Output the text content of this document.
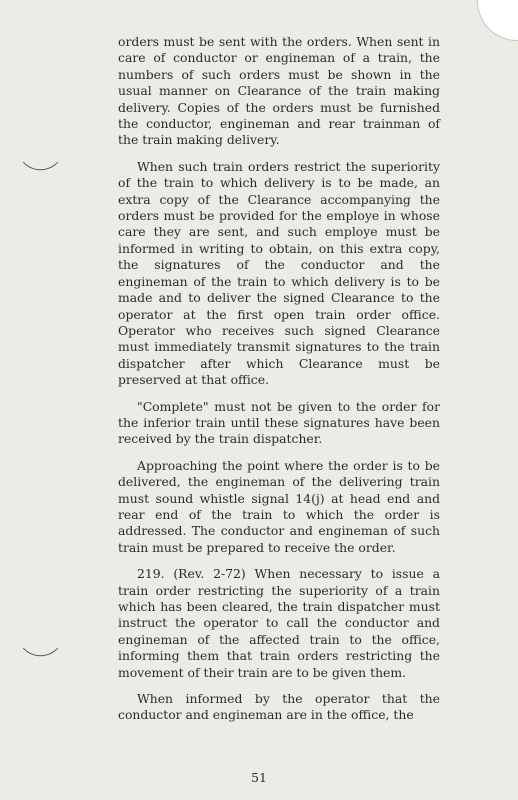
orders must be sent with the orders. When sent in care of conductor or engineman of a train, the numbers of such orders must be shown in the usual manner on Clearance of the train making delivery. Copies of the orders must be furnished the conductor, engineman and rear trainman of the train making delivery.

When such train orders restrict the superiority of the train to which delivery is to be made, an extra copy of the Clearance accompanying the orders must be provided for the employe in whose care they are sent, and such employe must be informed in writing to obtain, on this extra copy, the signatures of the conductor and the engineman of the train to which delivery is to be made and to deliver the signed Clearance to the operator at the first open train order office. Operator who receives such signed Clearance must immediately transmit signatures to the train dispatcher after which Clearance must be preserved at that office.

"Complete" must not be given to the order for the inferior train until these signatures have been received by the train dispatcher.

Approaching the point where the order is to be delivered, the engineman of the delivering train must sound whistle signal 14(j) at head end and rear end of the train to which the order is addressed. The conductor and engineman of such train must be prepared to receive the order.

219. (Rev. 2-72) When necessary to issue a train order restricting the superiority of a train which has been cleared, the train dispatcher must instruct the operator to call the conductor and engineman of the affected train to the office, informing them that train orders restricting the movement of their train are to be given them.

When informed by the operator that the conductor and engineman are in the office, the

51
